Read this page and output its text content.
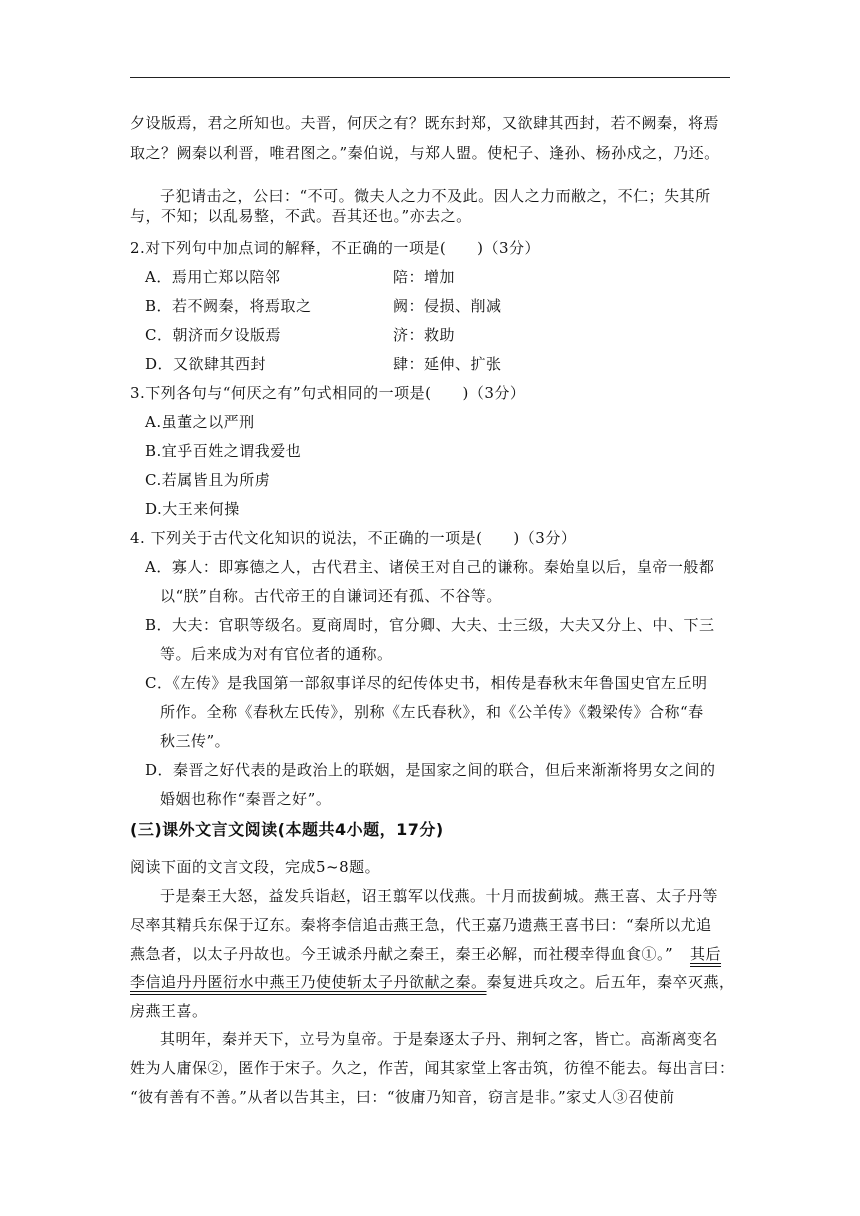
夕设版焉，君之所知也。夫晋，何厌之有？既东封郑，又欲肆其西封，若不阙秦，将焉
取之？阙秦以利晋，唯君图之。”秦伯说，与郑人盟。使杞子、逢孙、杨孙戍之，乃还。
子犯请击之，公曰：“不可。微夫人之力不及此。因人之力而敝之，不仁；失其所
与，不知；以乱易整，不武。吾其还也。”亦去之。
2.对下列句中加点词的解释，不正确的一项是(　　)（3分）
A．焉用亡郑以陪邻	陪：增加
B．若不阙秦，将焉取之	阙：侵损、削减
C．朝济而夕设版焉	济：救助
D．又欲肆其西封	肆：延伸、扩张
3.下列各句与“何厌之有”句式相同的一项是(　　)（3分）
A.虽董之以严刑
B.宜乎百姓之谓我爱也
C.若属皆且为所虏
D.大王来何操
4. 下列关于古代文化知识的说法，不正确的一项是(　　)（3分）
A．寡人：即寡德之人，古代君主、诸侯王对自己的谦称。秦始皇以后，皇帝一般都
以“朕”自称。古代帝王的自谦词还有孤、不谷等。
B．大夫：官职等级名。夏商周时，官分卿、大夫、士三级，大夫又分上、中、下三
等。后来成为对有官位者的通称。
C．《左传》是我国第一部叙事详尽的纪传体史书，相传是春秋末年鲁国史官左丘明
所作。全称《春秋左氏传》，别称《左氏春秋》，和《公羊传》《穀梁传》合称“春
秋三传”。
D．秦晋之好代表的是政治上的联姻，是国家之间的联合，但后来渐渐将男女之间的
婚姻也称作“秦晋之好”。
阅读下面的文言文段，完成5~8题。
于是秦王大怒，益发兵诣赵，诏王翦军以伐燕。十月而拔蓟城。燕王喜、太子丹等
尽率其精兵东保于辽东。秦将李信追击燕王急，代王嘉乃遗燕王喜书曰：“秦所以尤追
燕急者，以太子丹故也。今王诚杀丹献之秦王，秦王必解，而社稷幸得血食①。”
房燕王喜。
其明年，秦并天下，立号为皇帝。于是秦逐太子丹、荆轲之客，皆亡。高渐离变名
姓为人庸保②，匿作于宋子。久之，作苦，闻其家堂上客击筑，彷徨不能去。每出言曰：
“彼有善有不善。”从者以告其主，曰：“彼庸乃知音，窃言是非。”家丈人③召使前
(三)课外文言文阅读(本题共4小题，17分)
其后
李信追丹丹匿衍水中燕王乃使使斩太子丹欲献之秦。秦复进兵攻之。后五年，秦卒灭燕，
